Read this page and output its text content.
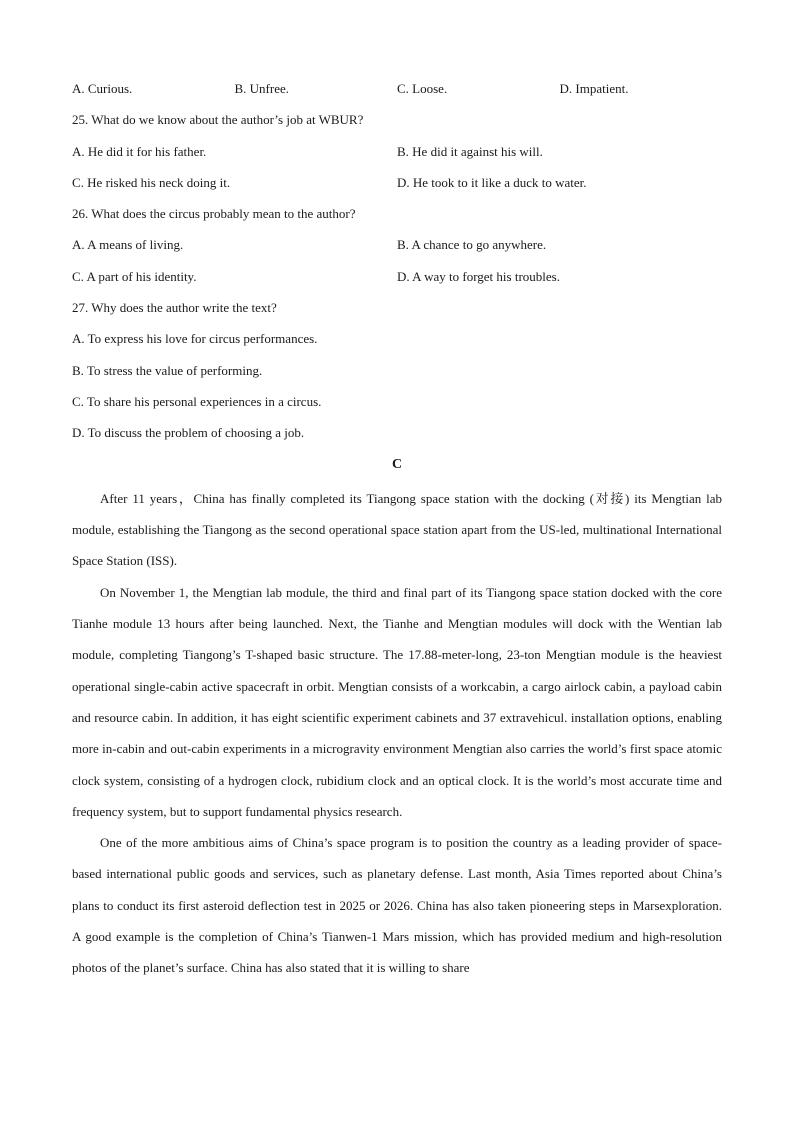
A. Curious.	B. Unfree.	C. Loose.	D. Impatient.
25. What do we know about the author’s job at WBUR?
A. He did it for his father.	B. He did it against his will.
C. He risked his neck doing it.	D. He took to it like a duck to water.
26. What does the circus probably mean to the author?
A. A means of living.	B. A chance to go anywhere.
C. A part of his identity.	D. A way to forget his troubles.
27. Why does the author write the text?
A. To express his love for circus performances.
B. To stress the value of performing.
C. To share his personal experiences in a circus.
D. To discuss the problem of choosing a job.
C

After 11 years，China has finally completed its Tiangong space station with the docking (对接) its Mengtian lab module, establishing the Tiangong as the second operational space station apart from the US-led, multinational International Space Station (ISS).

On November 1, the Mengtian lab module, the third and final part of its Tiangong space station docked with the core Tianhe module 13 hours after being launched. Next, the Tianhe and Mengtian modules will dock with the Wentian lab module, completing Tiangong’s T-shaped basic structure. The 17.88-meter-long, 23-ton Mengtian module is the heaviest operational single-cabin active spacecraft in orbit. Mengtian consists of a workcabin, a cargo airlock cabin, a payload cabin and resource cabin. In addition, it has eight scientific experiment cabinets and 37 extravehicul. installation options, enabling more in-cabin and out-cabin experiments in a microgravity environment Mengtian also carries the world’s first space atomic clock system, consisting of a hydrogen clock, rubidium clock and an optical clock. It is the world’s most accurate time and frequency system, but to support fundamental physics research.

One of the more ambitious aims of China’s space program is to position the country as a leading provider of space-based international public goods and services, such as planetary defense. Last month, Asia Times reported about China’s plans to conduct its first asteroid deflection test in 2025 or 2026. China has also taken pioneering steps in Marsexploration. A good example is the completion of China’s Tianwen-1 Mars mission, which has provided medium and high-resolution photos of the planet’s surface. China has also stated that it is willing to share
